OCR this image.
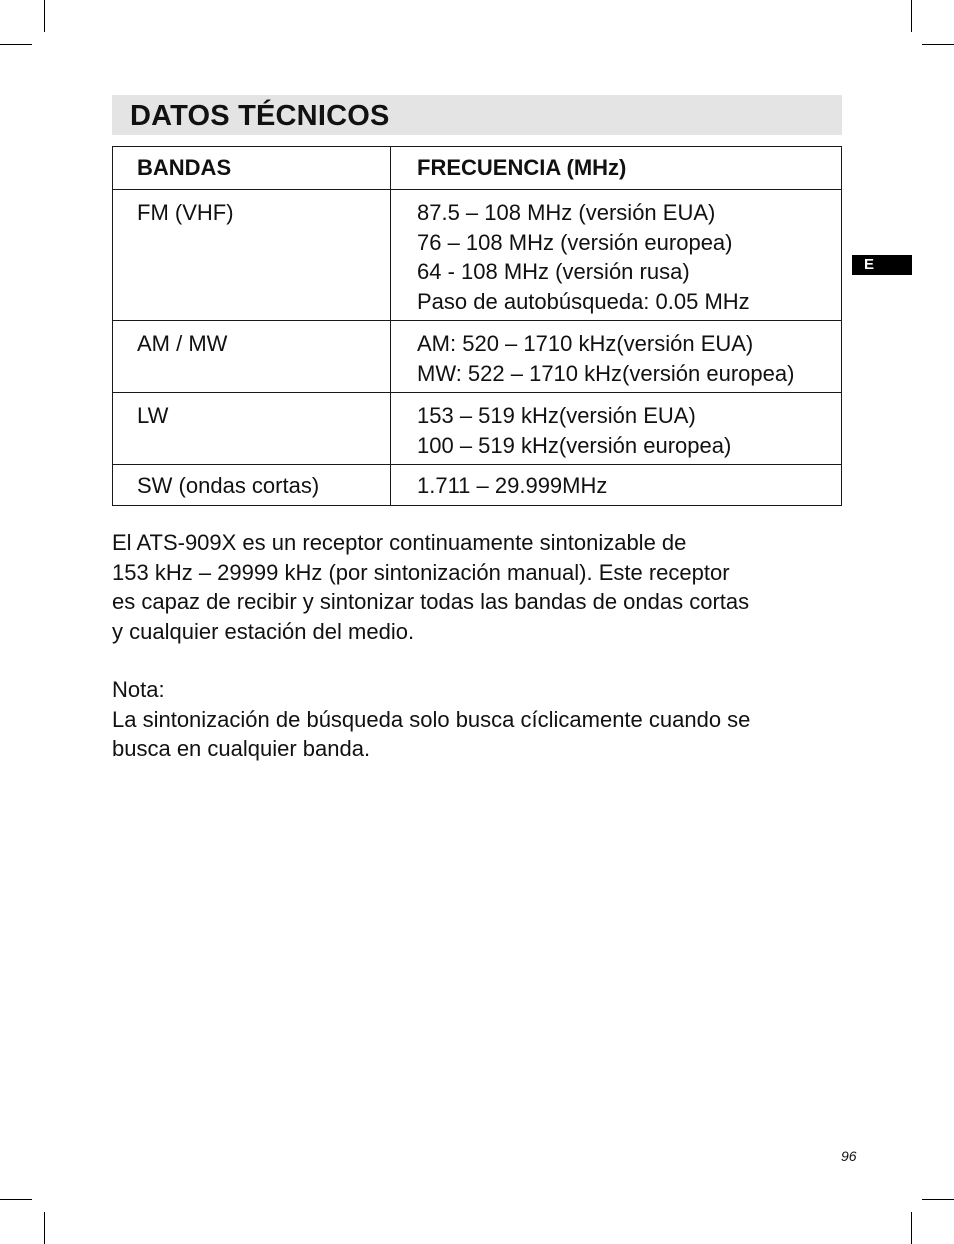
DATOS TÉCNICOS
E
BANDAS	FRECUENCIA (MHz)
FM (VHF)	87.5 – 108 MHz (versión EUA)
76 – 108 MHz (versión europea)
64 - 108 MHz (versión rusa)
Paso de autobúsqueda: 0.05 MHz

AM / MW	AM: 520 – 1710 kHz(versión EUA)
MW: 522 – 1710 kHz(versión europea)

LW	153 – 519 kHz(versión EUA)
100 – 519 kHz(versión europea)

SW (ondas cortas)	1.711 – 29.999MHz
El ATS-909X es un receptor continuamente sintonizable de
153 kHz – 29999 kHz (por sintonización manual). Este receptor
es capaz de recibir y sintonizar todas las bandas de ondas cortas
y cualquier estación del medio.
Nota:
La sintonización de búsqueda solo busca cíclicamente cuando se
busca en cualquier banda.
96
